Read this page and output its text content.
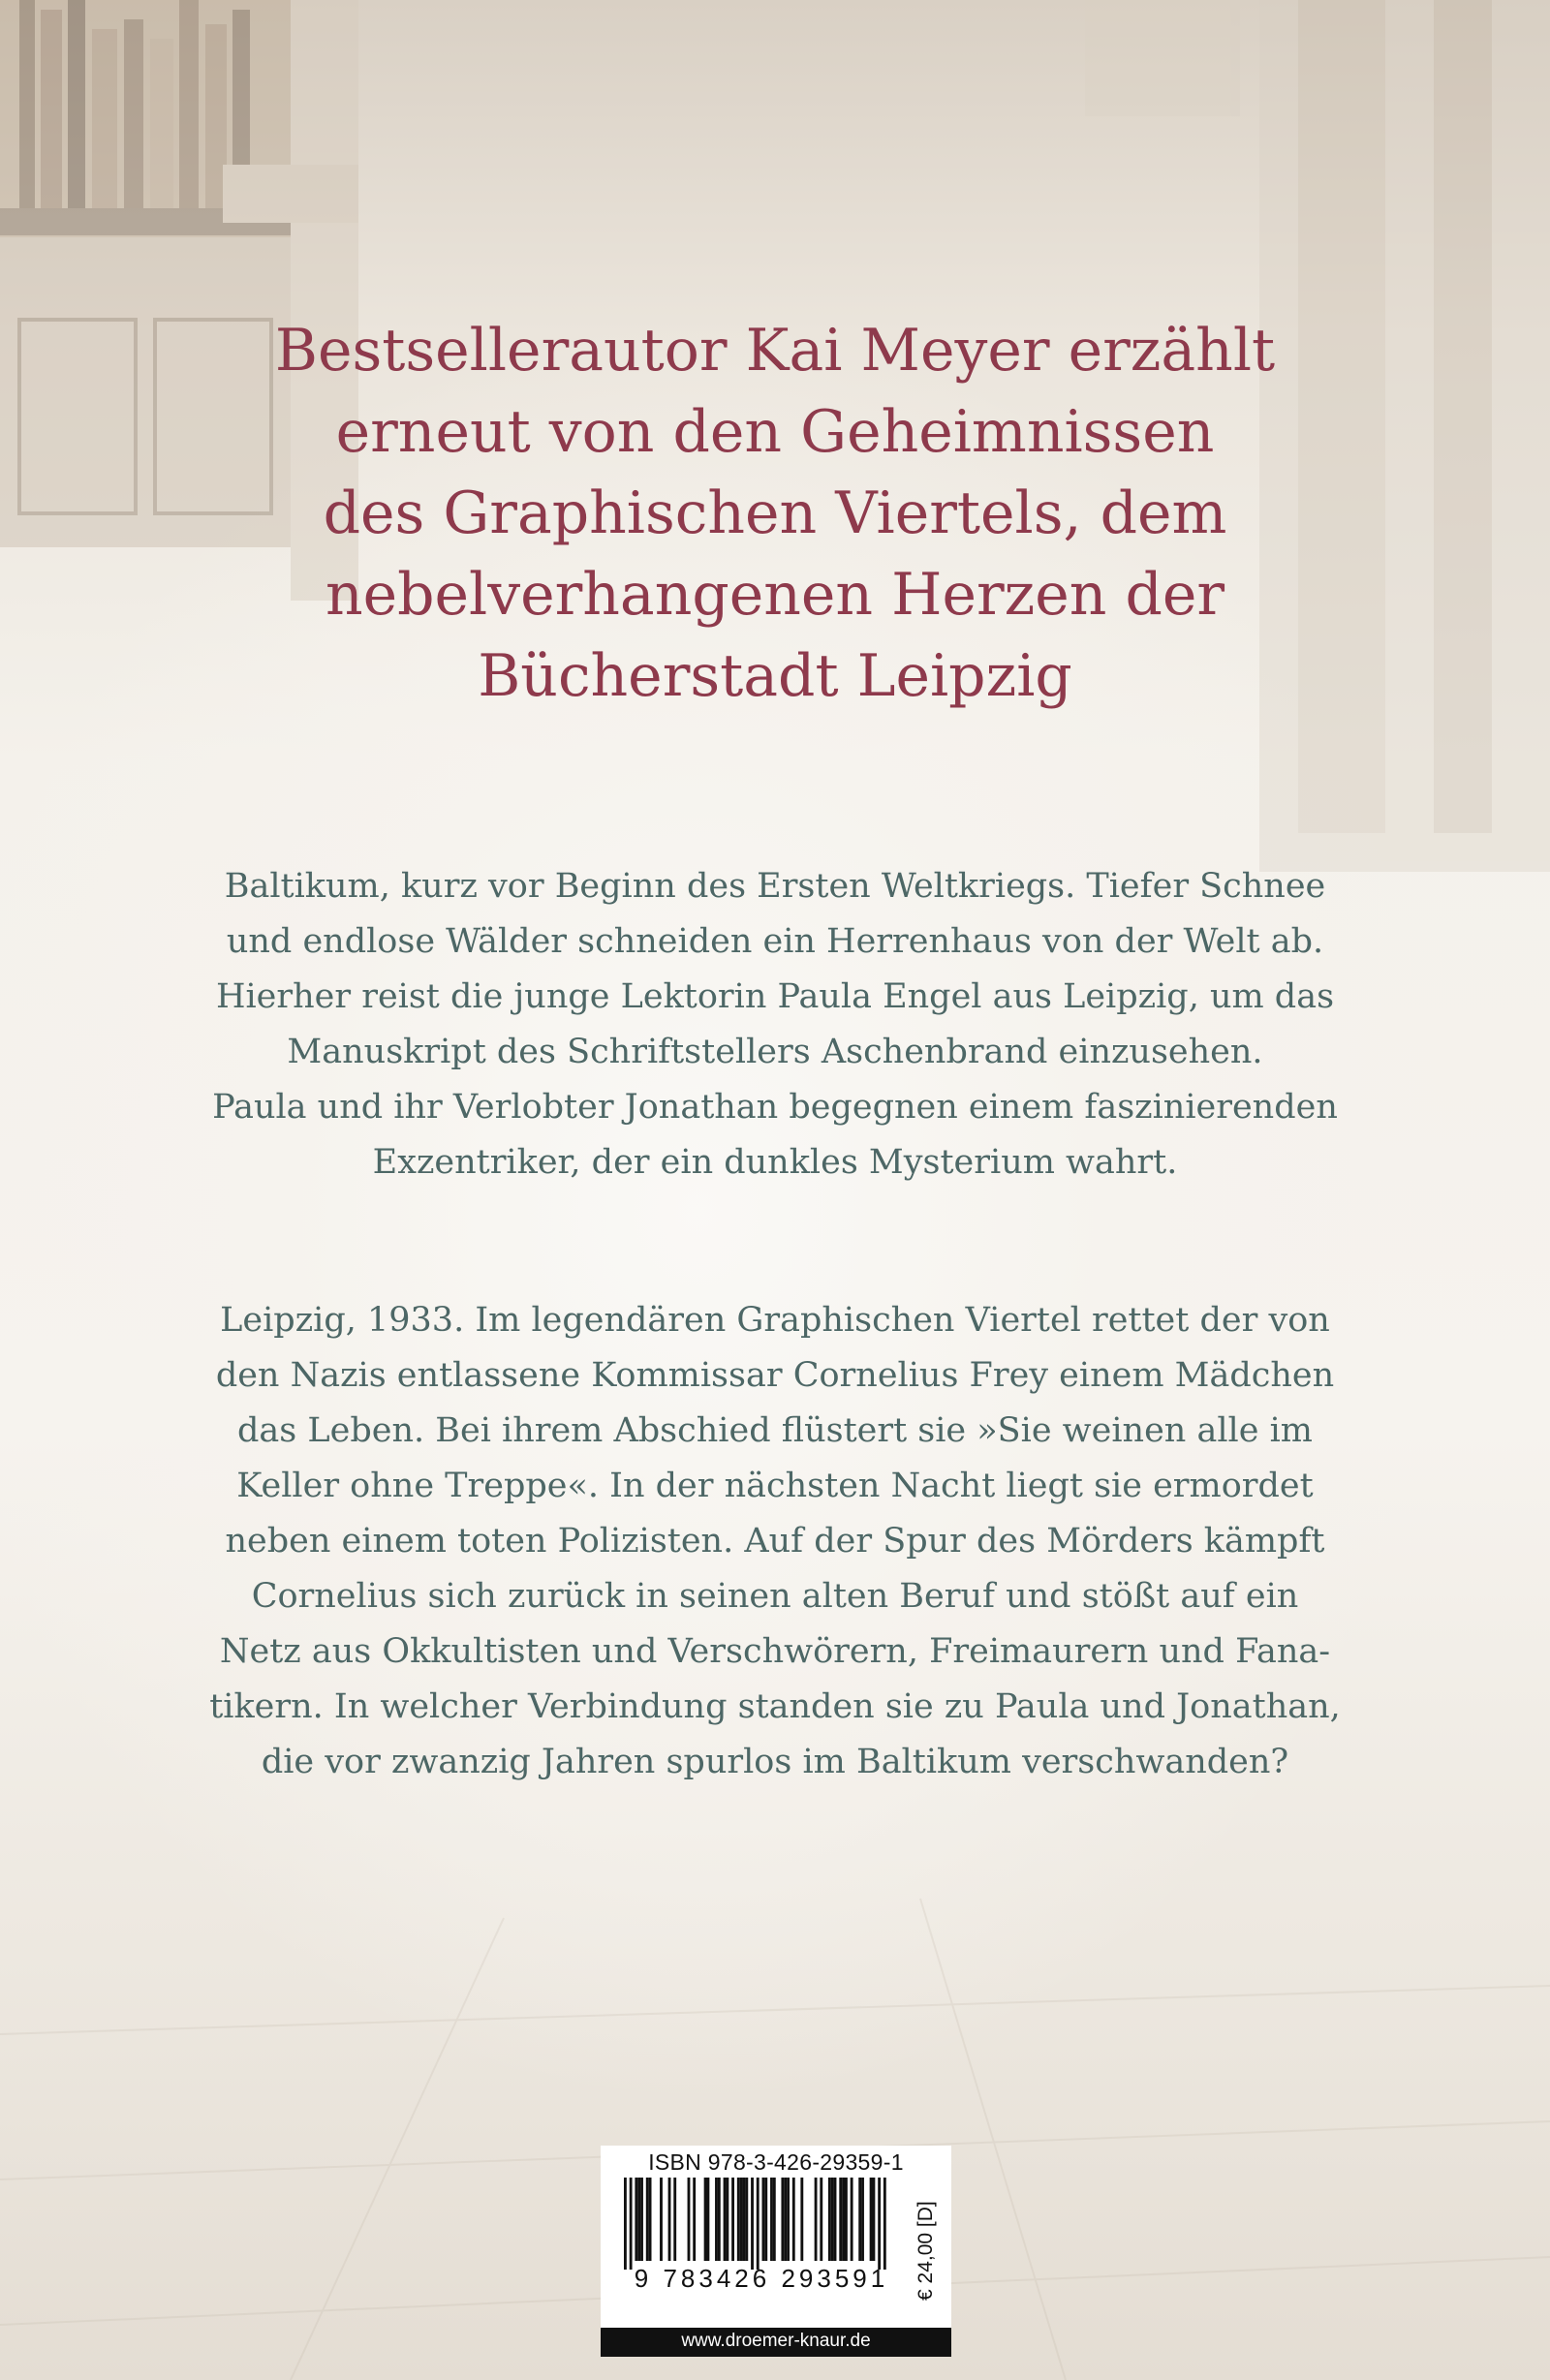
Bestsellerautor Kai Meyer erzählt
erneut von den Geheimnissen
des Graphischen Viertels, dem
nebelverhangenen Herzen der
Bücherstadt Leipzig
Baltikum, kurz vor Beginn des Ersten Weltkriegs. Tiefer Schnee
und endlose Wälder schneiden ein Herrenhaus von der Welt ab.
Hierher reist die junge Lektorin Paula Engel aus Leipzig, um das
Manuskript des Schriftstellers Aschenbrand einzusehen.
Paula und ihr Verlobter Jonathan begegnen einem faszinierenden
Exzentriker, der ein dunkles Mysterium wahrt.
Leipzig, 1933. Im legendären Graphischen Viertel rettet der von
den Nazis entlassene Kommissar Cornelius Frey einem Mädchen
das Leben. Bei ihrem Abschied flüstert sie »Sie weinen alle im
Keller ohne Treppe«. In der nächsten Nacht liegt sie ermordet
neben einem toten Polizisten. Auf der Spur des Mörders kämpft
Cornelius sich zurück in seinen alten Beruf und stößt auf ein
Netz aus Okkultisten und Verschwörern, Freimaurern und Fana-
tikern. In welcher Verbindung standen sie zu Paula und Jonathan,
die vor zwanzig Jahren spurlos im Baltikum verschwanden?
ISBN 978-3-426-29359-1
9 783426 293591	€ 24,00 [D]
www.droemer-knaur.de
